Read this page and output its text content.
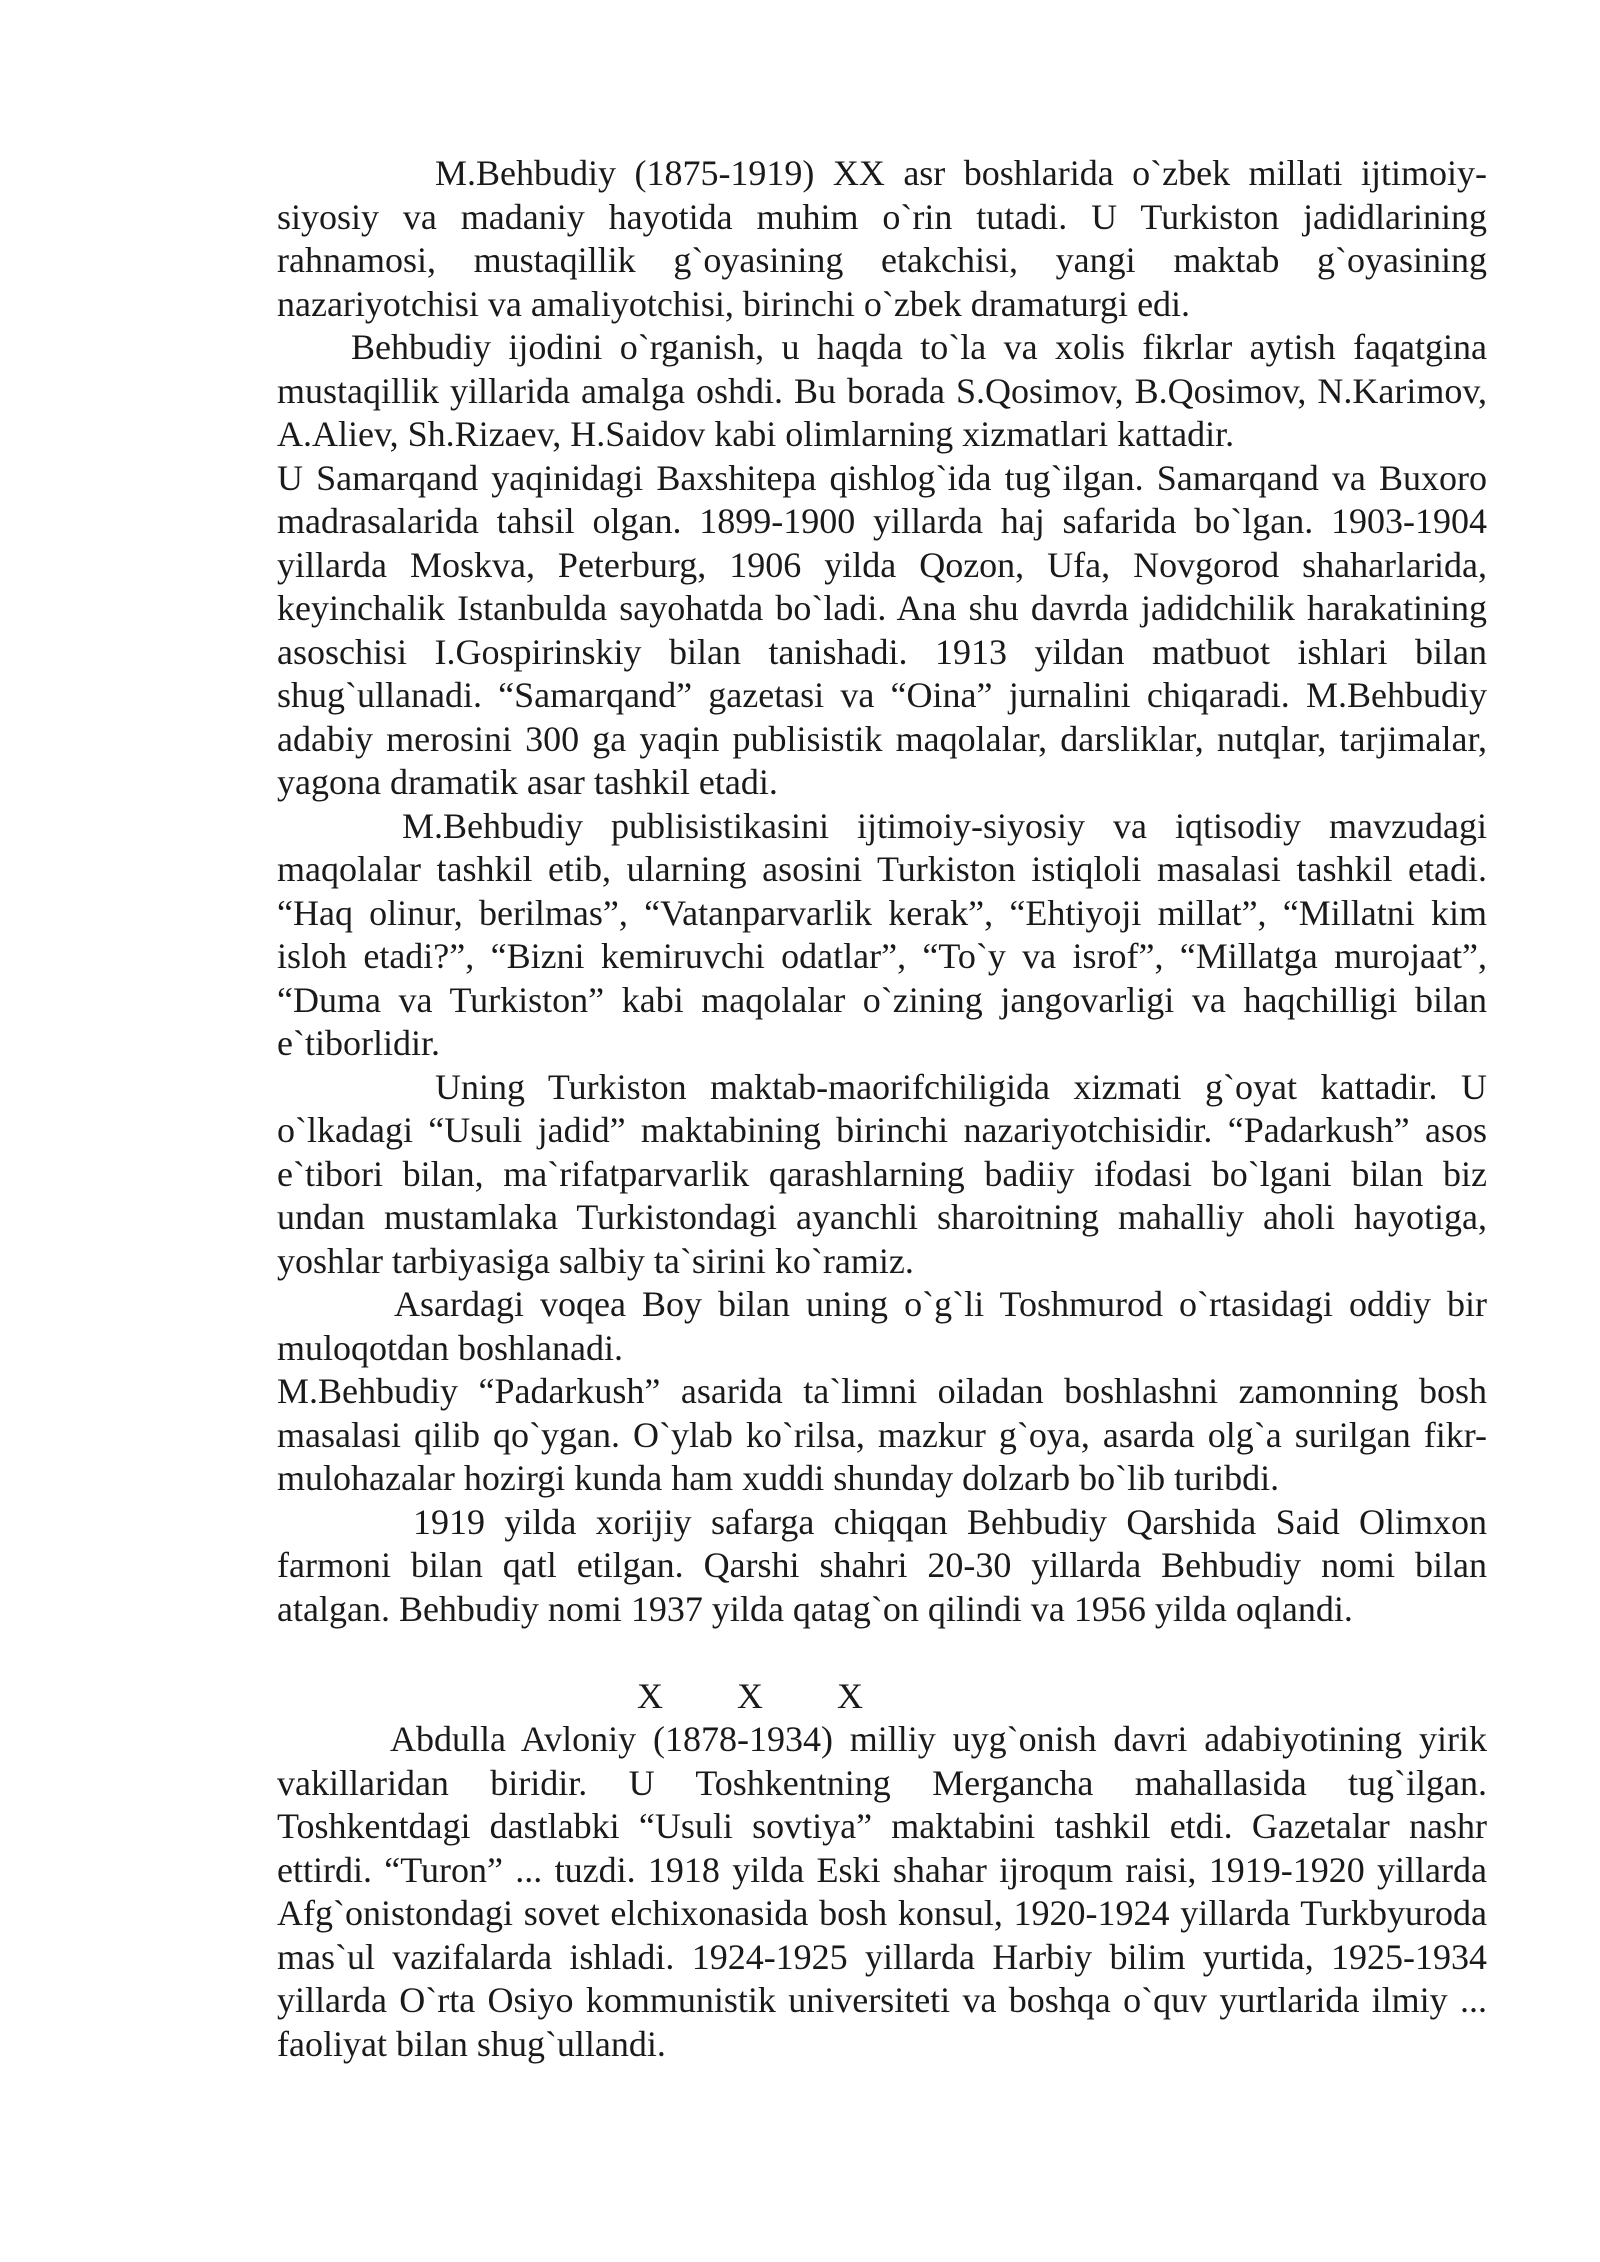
M.Behbudiy (1875-1919) XX asr boshlarida o`zbek millati ijtimoiy-siyosiy va madaniy hayotida muhim o`rin tutadi. U Turkiston jadidlarining rahnamosi, mustaqillik g`oyasining etakchisi, yangi maktab g`oyasining nazariyotchisi va amaliyotchisi, birinchi o`zbek dramaturgi edi.

Behbudiy ijodini o`rganish, u haqda to`la va xolis fikrlar aytish faqatgina mustaqillik yillarida amalga oshdi. Bu borada S.Qosimov, B.Qosimov, N.Karimov, A.Aliev, Sh.Rizaev, H.Saidov kabi olimlarning xizmatlari kattadir.

U Samarqand yaqinidagi Baxshitepa qishlog`ida tug`ilgan. Samarqand va Buxoro madrasalarida tahsil olgan. 1899-1900 yillarda haj safarida bo`lgan. 1903-1904 yillarda Moskva, Peterburg, 1906 yilda Qozon, Ufa, Novgorod shaharlarida, keyinchalik Istanbulda sayohatda bo`ladi. Ana shu davrda jadidchilik harakatining asoschisi I.Gospirinskiy bilan tanishadi. 1913 yildan matbuot ishlari bilan shug`ullanadi. “Samarqand” gazetasi va “Oina” jurnalini chiqaradi. M.Behbudiy adabiy merosini 300 ga yaqin publisistik maqolalar, darsliklar, nutqlar, tarjimalar, yagona dramatik asar tashkil etadi.

M.Behbudiy publisistikasini ijtimoiy-siyosiy va iqtisodiy mavzudagi maqolalar tashkil etib, ularning asosini Turkiston istiqloli masalasi tashkil etadi. “Haq olinur, berilmas”, “Vatanparvarlik kerak”, “Ehtiyoji millat”, “Millatni kim isloh etadi?”, “Bizni kemiruvchi odatlar”, “To`y va isrof”, “Millatga murojaat”, “Duma va Turkiston” kabi maqolalar o`zining jangovarligi va haqchilligi bilan e`tiborlidir.

Uning Turkiston maktab-maorifchiligida xizmati g`oyat kattadir. U o`lkadagi “Usuli jadid” maktabining birinchi nazariyotchisidir. “Padarkush” asos e`tibori bilan, ma`rifatparvarlik qarashlarning badiiy ifodasi bo`lgani bilan biz undan mustamlaka Turkistondagi ayanchli sharoitning mahalliy aholi hayotiga, yoshlar tarbiyasiga salbiy ta`sirini ko`ramiz.

Asardagi voqea Boy bilan uning o`g`li Toshmurod o`rtasidagi oddiy bir muloqotdan boshlanadi.

M.Behbudiy “Padarkush” asarida ta`limni oiladan boshlashni zamonning bosh masalasi qilib qo`ygan. O`ylab ko`rilsa, mazkur g`oya, asarda olg`a surilgan fikr-mulohazalar hozirgi kunda ham xuddi shunday dolzarb bo`lib turibdi.

1919 yilda xorijiy safarga chiqqan Behbudiy Qarshida Said Olimxon farmoni bilan qatl etilgan. Qarshi shahri 20-30 yillarda Behbudiy nomi bilan atalgan. Behbudiy nomi 1937 yilda qatag`on qilindi va 1956 yilda oqlandi.

X X X

Abdulla Avloniy (1878-1934) milliy uyg`onish davri adabiyotining yirik vakillaridan biridir. U Toshkentning Mergancha mahallasida tug`ilgan. Toshkentdagi dastlabki “Usuli sovtiya” maktabini tashkil etdi. Gazetalar nashr ettirdi. “Turon” ... tuzdi. 1918 yilda Eski shahar ijroqum raisi, 1919-1920 yillarda Afg`onistondagi sovet elchixonasida bosh konsul, 1920-1924 yillarda Turkbyuroda mas`ul vazifalarda ishladi. 1924-1925 yillarda Harbiy bilim yurtida, 1925-1934 yillarda O`rta Osiyo kommunistik universiteti va boshqa o`quv yurtlarida ilmiy ... faoliyat bilan shug`ullandi.
